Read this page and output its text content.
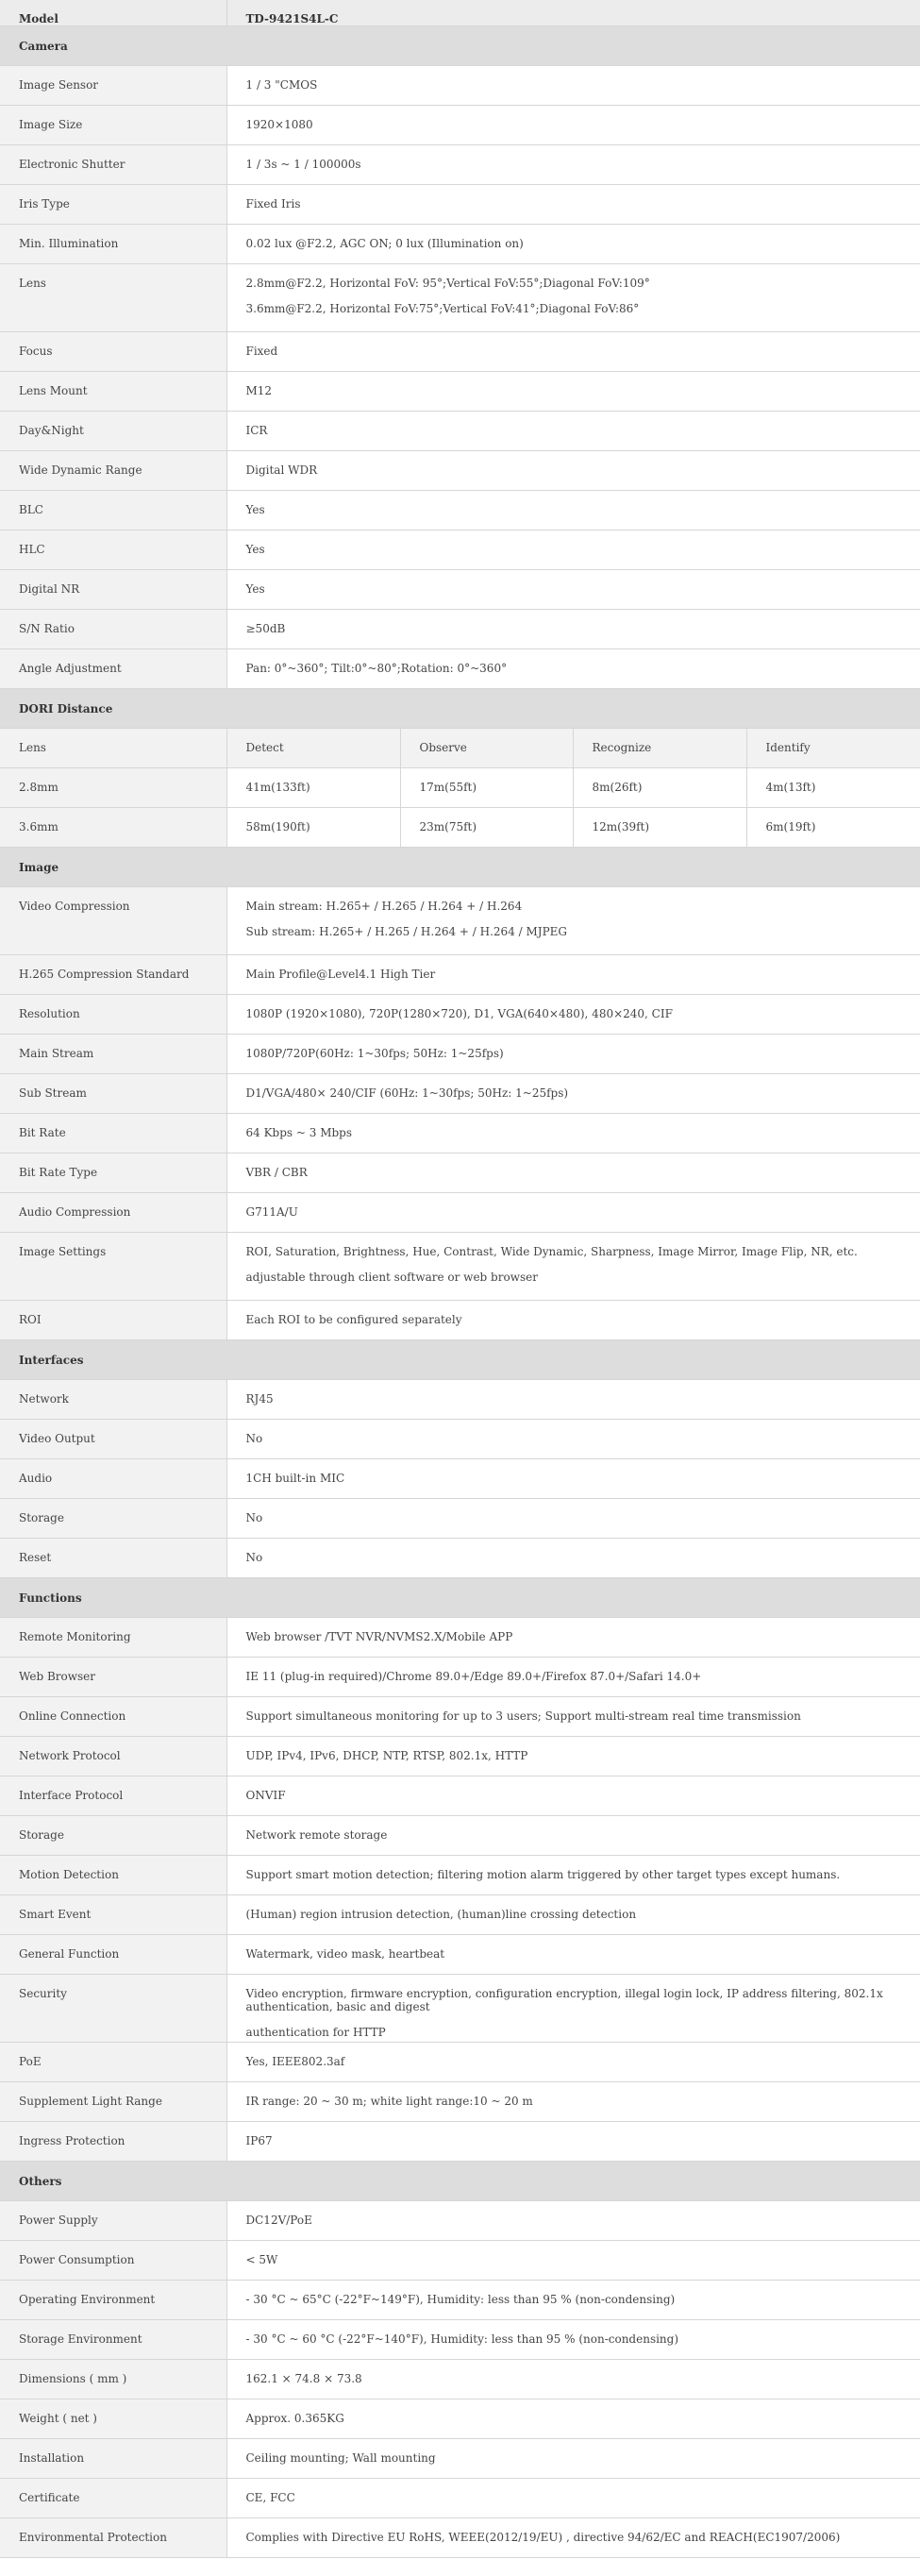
Model	TD-9421S4L-C			
Camera				
Image Sensor	1 / 3 "CMOS			

Image Size	1920×1080			

Electronic Shutter	1 / 3s ~ 1 / 100000s			

Iris Type	Fixed Iris			

Min. Illumination	0.02 lux @F2.2, AGC ON; 0 lux (Illumination on)			

Lens	2.8mm@F2.2, Horizontal FoV: 95°;Vertical FoV:55°;Diagonal FoV:109°
3.6mm@F2.2, Horizontal FoV:75°;Vertical FoV:41°;Diagonal FoV:86°			

Focus	Fixed			

Lens Mount	M12			

Day&Night	ICR			

Wide Dynamic Range	Digital WDR			

BLC	Yes			

HLC	Yes			

Digital NR	Yes			

S/N Ratio	≥50dB			

Angle Adjustment	Pan: 0°~360°; Tilt:0°~80°;Rotation: 0°~360°			

DORI Distance				
Lens	Detect	Observe	Recognize	Identify
2.8mm	41m(133ft)	17m(55ft)	8m(26ft)	4m(13ft)
3.6mm	58m(190ft)	23m(75ft)	12m(39ft)	6m(19ft)
Image				
Video Compression	Main stream: H.265+ / H.265 / H.264 + / H.264
Sub stream: H.265+ / H.265 / H.264 + / H.264 / MJPEG			

H.265 Compression Standard	Main Profile@Level4.1 High Tier			

Resolution	1080P (1920×1080), 720P(1280×720), D1, VGA(640×480), 480×240, CIF			

Main Stream	1080P/720P(60Hz: 1~30fps; 50Hz: 1~25fps)			

Sub Stream	D1/VGA/480× 240/CIF (60Hz: 1~30fps; 50Hz: 1~25fps)			

Bit Rate	64 Kbps ~ 3 Mbps			

Bit Rate Type	VBR / CBR			

Audio Compression	G711A/U			

Image Settings	ROI, Saturation, Brightness, Hue, Contrast, Wide Dynamic, Sharpness, Image Mirror, Image Flip, NR, etc.
adjustable through client software or web browser			

ROI	Each ROI to be configured separately			

Interfaces				
Network	RJ45			

Video Output	No			

Audio	1CH built-in MIC			

Storage	No			

Reset	No			

Functions				
Remote Monitoring	Web browser /TVT NVR/NVMS2.X/Mobile APP			

Web Browser	IE 11 (plug-in required)/Chrome 89.0+/Edge 89.0+/Firefox 87.0+/Safari 14.0+			

Online Connection	Support simultaneous monitoring for up to 3 users; Support multi-stream real time transmission			

Network Protocol	UDP, IPv4, IPv6, DHCP, NTP, RTSP, 802.1x, HTTP			

Interface Protocol	ONVIF			

Storage	Network remote storage			

Motion Detection	Support smart motion detection; filtering motion alarm triggered by other target types except humans.			

Smart Event	(Human) region intrusion detection, (human)line crossing detection			

General Function	Watermark, video mask, heartbeat			

Security	Video encryption, firmware encryption, configuration encryption, illegal login lock, IP address filtering, 802.1x authentication, basic and digest
authentication for HTTP			

PoE	Yes, IEEE802.3af			

Supplement Light Range	IR range: 20 ~ 30 m; white light range:10 ~ 20 m			

Ingress Protection	IP67			

Others				
Power Supply	DC12V/PoE			

Power Consumption	< 5W			

Operating Environment	- 30 °C ~ 65°C (-22°F~149°F), Humidity: less than 95 % (non-condensing)			

Storage Environment	- 30 °C ~ 60 °C (-22°F~140°F), Humidity: less than 95 % (non-condensing)			

Dimensions ( mm )	162.1 × 74.8 × 73.8			

Weight ( net )	Approx. 0.365KG			

Installation	Ceiling mounting; Wall mounting			

Certificate	CE, FCC			

Environmental Protection	Complies with Directive EU RoHS, WEEE(2012/19/EU) , directive 94/62/EC and REACH(EC1907/2006)			
